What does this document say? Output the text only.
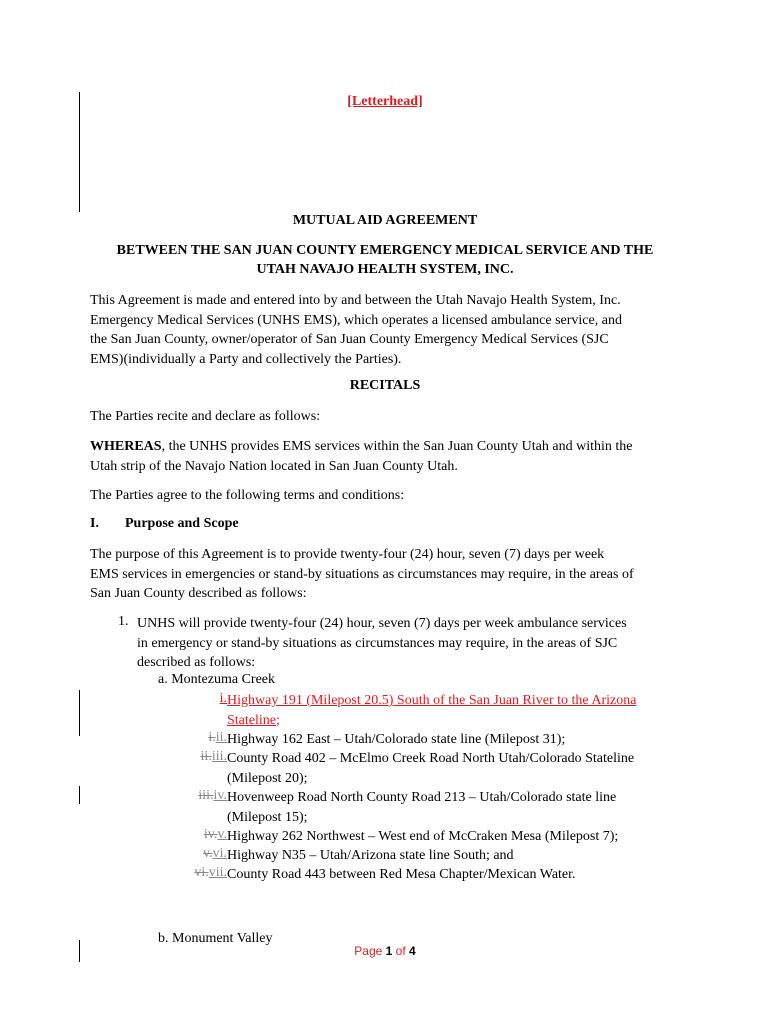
[Letterhead]
MUTUAL AID AGREEMENT
BETWEEN THE SAN JUAN COUNTY EMERGENCY MEDICAL SERVICE AND THE
UTAH NAVAJO HEALTH SYSTEM, INC.
This Agreement is made and entered into by and between the Utah Navajo Health System, Inc.
Emergency Medical Services (UNHS EMS), which operates a licensed ambulance service, and
the San Juan County, owner/operator of San Juan County Emergency Medical Services (SJC
EMS)(individually a Party and collectively the Parties).
RECITALS
The Parties recite and declare as follows:
WHEREAS, the UNHS provides EMS services within the San Juan County Utah and within the
Utah strip of the Navajo Nation located in San Juan County Utah.
The Parties agree to the following terms and conditions:
I. Purpose and Scope
The purpose of this Agreement is to provide twenty-four (24) hour, seven (7) days per week
EMS services in emergencies or stand-by situations as circumstances may require, in the areas of
San Juan County described as follows:
1. UNHS will provide twenty-four (24) hour, seven (7) days per week ambulance services
in emergency or stand-by situations as circumstances may require, in the areas of SJC
described as follows:
a. Montezuma Creek
i. Highway 191 (Milepost 20.5) South of the San Juan River to the Arizona
Stateline;
i.ii. Highway 162 East – Utah/Colorado state line (Milepost 31);
ii.iii. County Road 402 – McElmo Creek Road North Utah/Colorado Stateline
(Milepost 20);
iii.iv. Hovenweep Road North County Road 213 – Utah/Colorado state line
(Milepost 15);
iv.v. Highway 262 Northwest – West end of McCraken Mesa (Milepost 7);
v.vi. Highway N35 – Utah/Arizona state line South; and
vi.vii. County Road 443 between Red Mesa Chapter/Mexican Water.
b. Monument Valley
Page 1 of 4
